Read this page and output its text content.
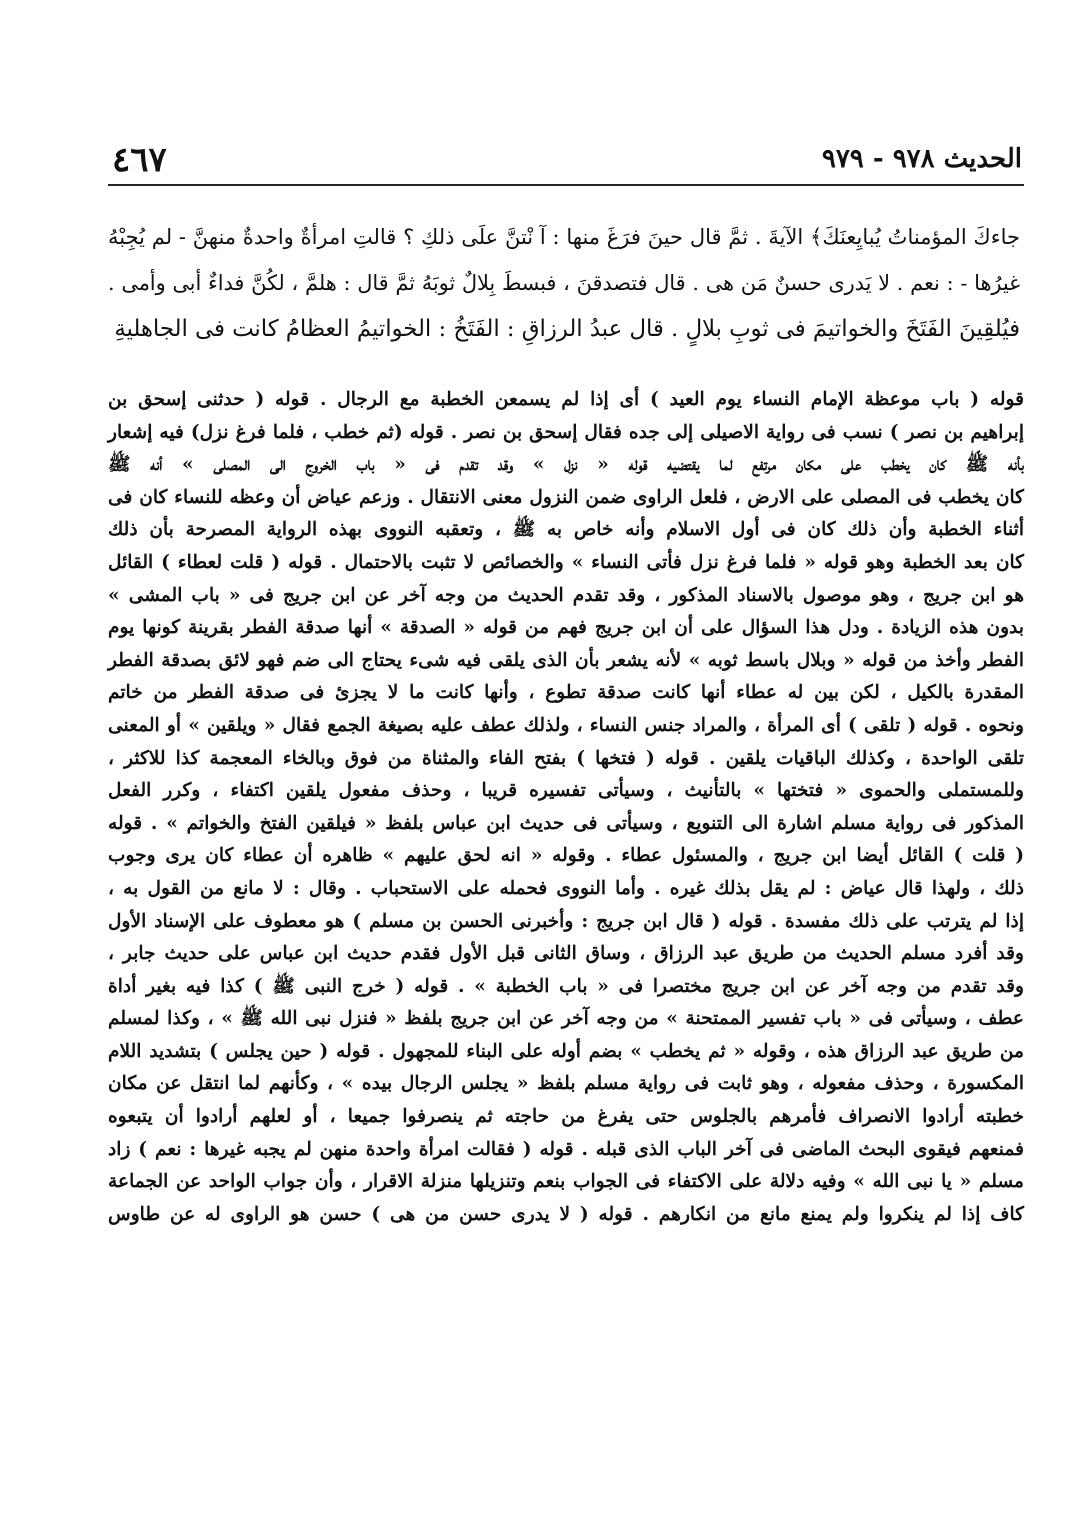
الحديث ٩٧٨ - ٩٧٩
٤٦٧
جاءكَ المؤمناتُ يُبايِعنَكَ﴾ الآيةَ . ثمَّ قال حينَ فرَغَ منها : آ نْتنَّ علَى ذلكِ ؟ قالتِ امرأةٌ واحدةٌ منهنَّ - لم يُجِبْهُ
غيرُها - : نعم . لا يَدرى حسنٌ مَن هى . قال فتصدقنَ ، فبسطَ بِلالٌ ثوبَهُ ثمَّ قال : هلمَّ ، لكُنَّ فداءٌ أبى وأمى .
فيُلقِينَ الفَتَخَ والخواتيمَ فى ثوبِ بلالٍ . قال عبدُ الرزاقِ : الفَتَخُ : الخواتيمُ العظامُ كانت فى الجاهليةِ
قوله ( باب موعظة الإمام النساء يوم العيد ) أى إذا لم يسمعن الخطبة مع الرجال . قوله ( حدثنى إسحق بن
إبراهيم بن نصر ) نسب فى رواية الاصيلى إلى جده فقال إسحق بن نصر . قوله (ثم خطب ، فلما فرغ نزل) فيه إشعار
بأنه ﷺ كان يخطب على مكان مرتفع لما يقتضيه قوله « نزل » وقد تقدم فى « باب الخروج الى المصلى » أنه ﷺ
كان يخطب فى المصلى على الارض ، فلعل الراوى ضمن النزول معنى الانتقال . وزعم عياض أن وعظه للنساء كان فى
أثناء الخطبة وأن ذلك كان فى أول الاسلام وأنه خاص به ﷺ ، وتعقبه النووى بهذه الرواية المصرحة بأن ذلك
كان بعد الخطبة وهو قوله « فلما فرغ نزل فأتى النساء » والخصائص لا تثبت بالاحتمال . قوله ( قلت لعطاء ) القائل
هو ابن جريج ، وهو موصول بالاسناد المذكور ، وقد تقدم الحديث من وجه آخر عن ابن جريج فى « باب المشى »
بدون هذه الزيادة . ودل هذا السؤال على أن ابن جريج فهم من قوله « الصدقة » أنها صدقة الفطر بقرينة كونها يوم
الفطر وأخذ من قوله « وبلال باسط ثوبه » لأنه يشعر بأن الذى يلقى فيه شىء يحتاج الى ضم فهو لائق بصدقة الفطر
المقدرة بالكيل ، لكن بين له عطاء أنها كانت صدقة تطوع ، وأنها كانت ما لا يجزئ فى صدقة الفطر من خاتم
ونحوه . قوله ( تلقى ) أى المرأة ، والمراد جنس النساء ، ولذلك عطف عليه بصيغة الجمع فقال « ويلقين » أو المعنى
تلقى الواحدة ، وكذلك الباقيات يلقين . قوله ( فتخها ) بفتح الفاء والمثناة من فوق وبالخاء المعجمة كذا للاكثر ،
وللمستملى والحموى « فتختها » بالتأنيث ، وسيأتى تفسيره قريبا ، وحذف مفعول يلقين اكتفاء ، وكرر الفعل
المذكور فى رواية مسلم اشارة الى التنويع ، وسيأتى فى حديث ابن عباس بلفظ « فيلقين الفتخ والخواتم » . قوله
( قلت ) القائل أيضا ابن جريج ، والمسئول عطاء . وقوله « انه لحق عليهم » ظاهره أن عطاء كان يرى وجوب
ذلك ، ولهذا قال عياض : لم يقل بذلك غيره . وأما النووى فحمله على الاستحباب . وقال : لا مانع من القول به ،
إذا لم يترتب على ذلك مفسدة . قوله ( قال ابن جريج : وأخبرنى الحسن بن مسلم ) هو معطوف على الإسناد الأول
وقد أفرد مسلم الحديث من طريق عبد الرزاق ، وساق الثانى قبل الأول فقدم حديث ابن عباس على حديث جابر ،
وقد تقدم من وجه آخر عن ابن جريج مختصرا فى « باب الخطبة » . قوله ( خرج النبى ﷺ ) كذا فيه بغير أداة
عطف ، وسيأتى فى « باب تفسير الممتحنة » من وجه آخر عن ابن جريج بلفظ « فنزل نبى الله ﷺ » ، وكذا لمسلم
من طريق عبد الرزاق هذه ، وقوله « ثم يخطب » بضم أوله على البناء للمجهول . قوله ( حين يجلس ) بتشديد اللام
المكسورة ، وحذف مفعوله ، وهو ثابت فى رواية مسلم بلفظ « يجلس الرجال بيده » ، وكأنهم لما انتقل عن مكان
خطبته أرادوا الانصراف فأمرهم بالجلوس حتى يفرغ من حاجته ثم ينصرفوا جميعا ، أو لعلهم أرادوا أن يتبعوه
فمنعهم فيقوى البحث الماضى فى آخر الباب الذى قبله . قوله ( فقالت امرأة واحدة منهن لم يجبه غيرها : نعم ) زاد
مسلم « يا نبى الله » وفيه دلالة على الاكتفاء فى الجواب بنعم وتنزيلها منزلة الاقرار ، وأن جواب الواحد عن الجماعة
كاف إذا لم ينكروا ولم يمنع مانع من انكارهم . قوله ( لا يدرى حسن من هى ) حسن هو الراوى له عن طاوس
